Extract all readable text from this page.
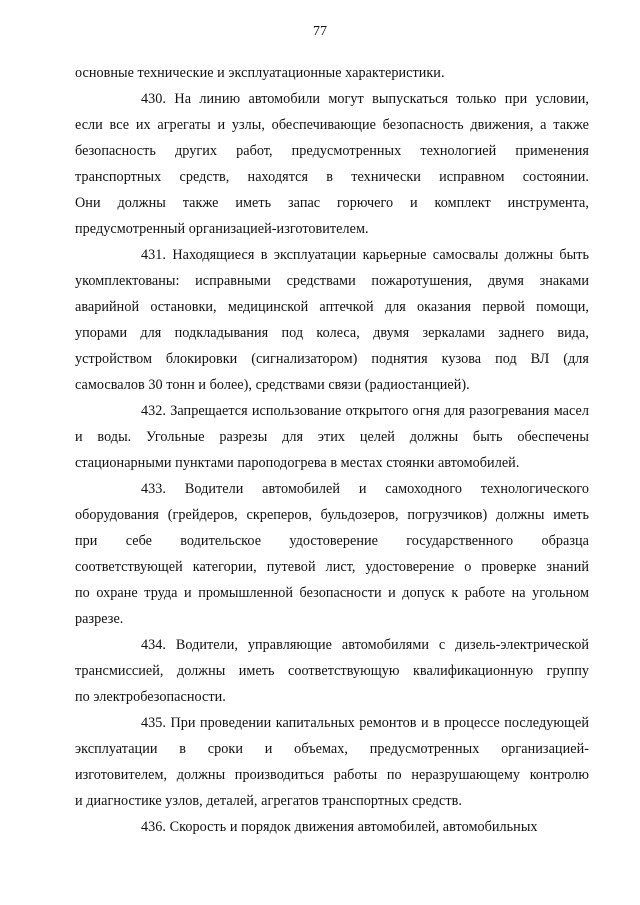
77
основные технические и эксплуатационные характеристики.
430. На линию автомобили могут выпускаться только при условии,
если все их агрегаты и узлы, обеспечивающие безопасность движения, а также
безопасность других работ, предусмотренных технологией применения
транспортных средств, находятся в технически исправном состоянии.
Они должны также иметь запас горючего и комплект инструмента,
предусмотренный организацией-изготовителем.
431. Находящиеся в эксплуатации карьерные самосвалы должны быть
укомплектованы: исправными средствами пожаротушения, двумя знаками
аварийной остановки, медицинской аптечкой для оказания первой помощи,
упорами для подкладывания под колеса, двумя зеркалами заднего вида,
устройством блокировки (сигнализатором) поднятия кузова под ВЛ (для
самосвалов 30 тонн и более), средствами связи (радиостанцией).
432. Запрещается использование открытого огня для разогревания масел
и воды. Угольные разрезы для этих целей должны быть обеспечены
стационарными пунктами пароподогрева в местах стоянки автомобилей.
433. Водители автомобилей и самоходного технологического
оборудования (грейдеров, скреперов, бульдозеров, погрузчиков) должны иметь
при себе водительское удостоверение государственного образца
соответствующей категории, путевой лист, удостоверение о проверке знаний
по охране труда и промышленной безопасности и допуск к работе на угольном
разрезе.
434. Водители, управляющие автомобилями с дизель-электрической
трансмиссией, должны иметь соответствующую квалификационную группу
по электробезопасности.
435. При проведении капитальных ремонтов и в процессе последующей
эксплуатации в сроки и объемах, предусмотренных организацией-
изготовителем, должны производиться работы по неразрушающему контролю
и диагностике узлов, деталей, агрегатов транспортных средств.
436. Скорость и порядок движения автомобилей, автомобильных
